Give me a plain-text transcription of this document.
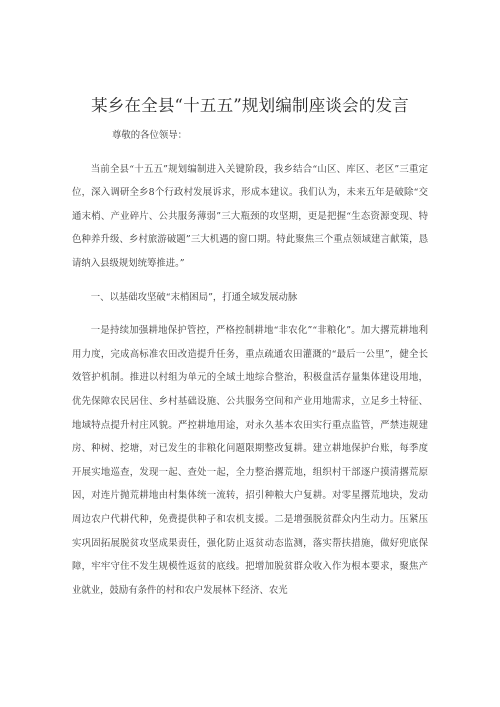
某乡在全县“十五五”规划编制座谈会的发言

尊敬的各位领导：

当前全县“十五五”规划编制进入关键阶段，我乡结合“山区、库区、老区”三重定位，深入调研全乡8个行政村发展诉求，形成本建议。我们认为，未来五年是破除“交通末梢、产业碎片、公共服务薄弱”三大瓶颈的攻坚期，更是把握“生态资源变现、特色种养升级、乡村旅游破题”三大机遇的窗口期。特此聚焦三个重点领域建言献策，恳请纳入县级规划统筹推进。”

一、以基础攻坚破“末梢困局”，打通全域发展动脉

一是持续加强耕地保护管控，严格控制耕地“非农化”“非粮化”。加大撂荒耕地利用力度，完成高标准农田改造提升任务，重点疏通农田灌溉的“最后一公里”，健全长效管护机制。推进以村组为单元的全域土地综合整治，积极盘活存量集体建设用地，优先保障农民居住、乡村基础设施、公共服务空间和产业用地需求，立足乡土特征、地域特点提升村庄风貌。严控耕地用途，对永久基本农田实行重点监管，严禁违规建房、种树、挖塘，对已发生的非粮化问题限期整改复耕。建立耕地保护台账，每季度开展实地巡查，发现一起、查处一起，全力整治撂荒地，组织村干部逐户摸清撂荒原因，对连片抛荒耕地由村集体统一流转，招引种粮大户复耕。对零星撂荒地块，发动周边农户代耕代种，免费提供种子和农机支援。二是增强脱贫群众内生动力。压紧压实巩固拓展脱贫攻坚成果责任，强化防止返贫动态监测，落实帮扶措施，做好兜底保障，牢牢守住不发生规模性返贫的底线。把增加脱贫群众收入作为根本要求，聚焦产业就业，鼓励有条件的村和农户发展林下经济、农光
